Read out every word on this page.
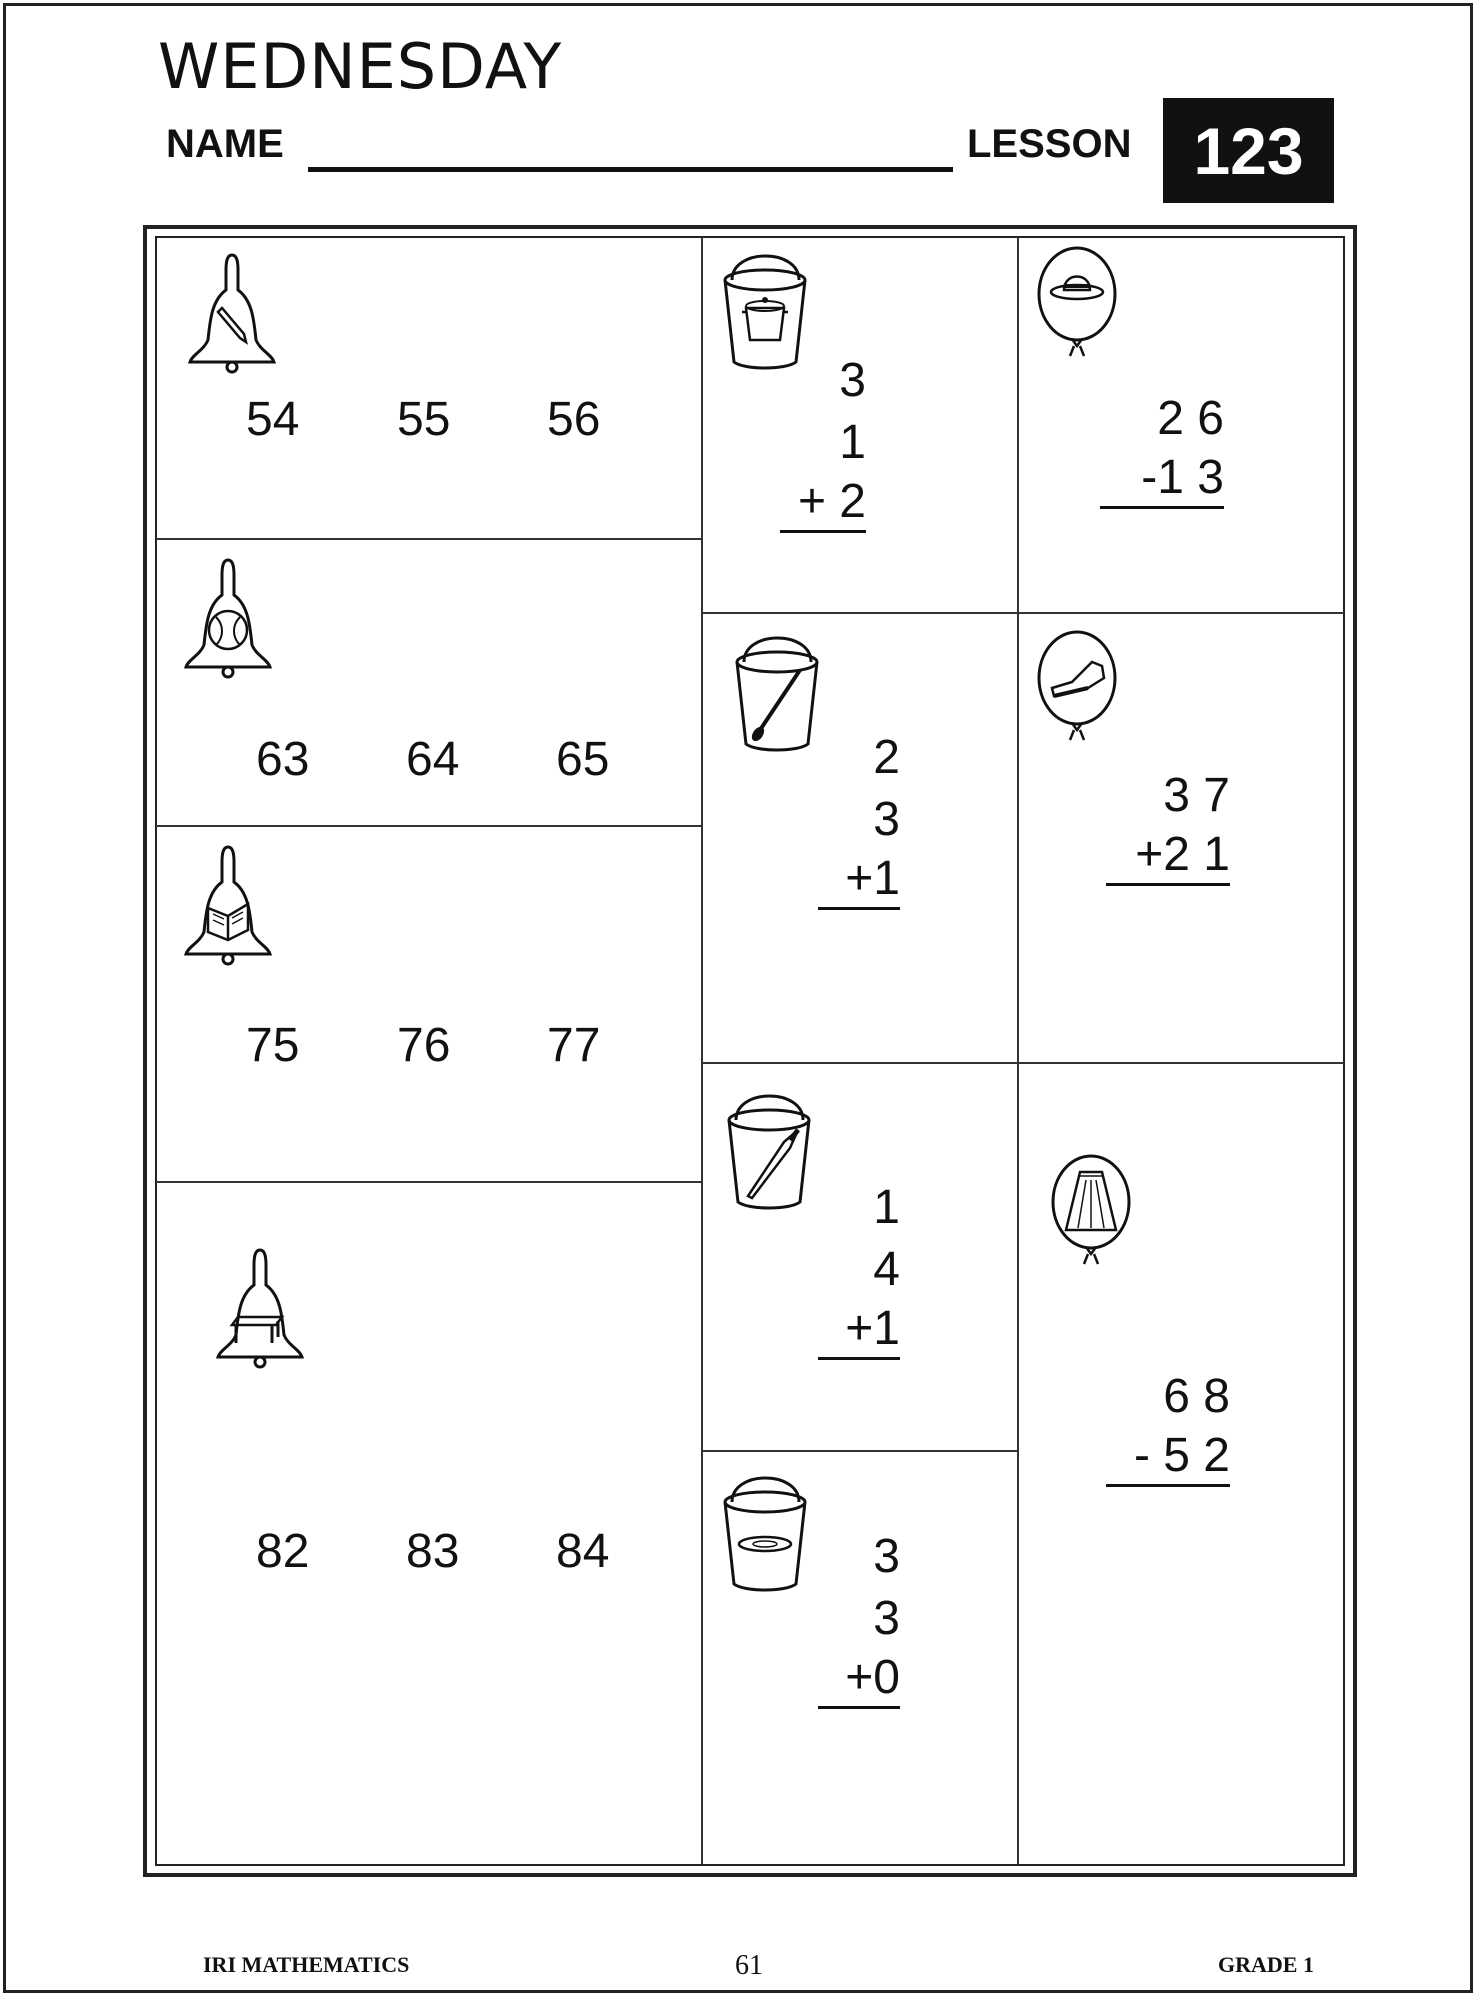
WEDNESDAY
NAME	LESSON 123
54 55 56
63 64 65
75 76 77
82 83 84
3
1
+ 2
2
3
+1
1
4
+1
3
3
+0
2 6
-1 3
3 7
+2 1
6 8
- 5 2
IRI MATHEMATICS	61	GRADE 1
